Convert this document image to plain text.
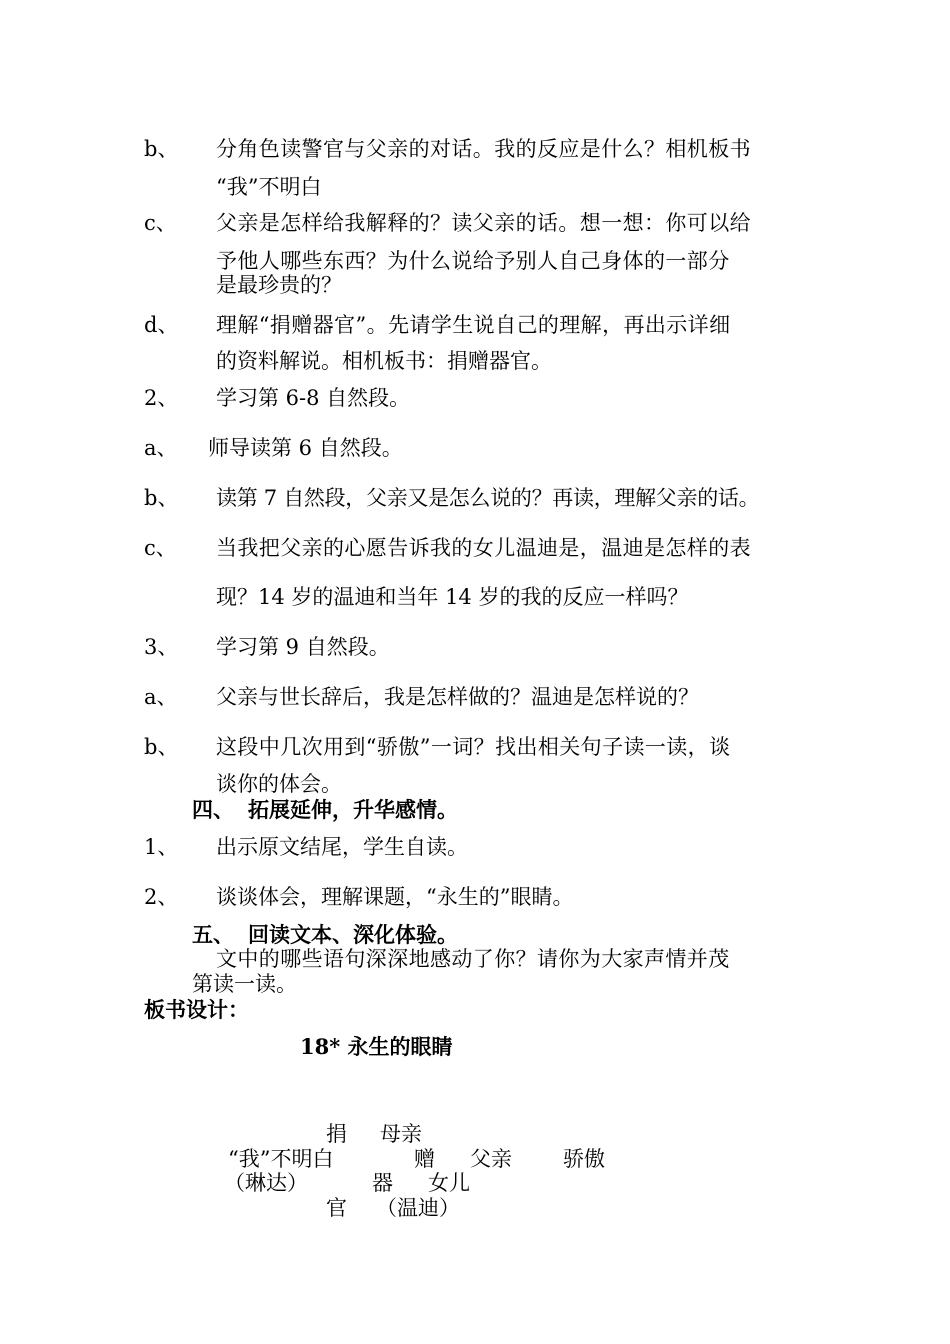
b、 分角色读警官与父亲的对话。我的反应是什么？相机板书
“我”不明白
c、 父亲是怎样给我解释的？读父亲的话。想一想：你可以给
予他人哪些东西？为什么说给予别人自己身体的一部分
是最珍贵的？
d、 理解“捐赠器官”。先请学生说自己的理解，再出示详细
的资料解说。相机板书：捐赠器官。
2、 学习第 6-8 自然段。
a、 师导读第 6 自然段。
b、 读第 7 自然段，父亲又是怎么说的？再读，理解父亲的话。
c、 当我把父亲的心愿告诉我的女儿温迪是，温迪是怎样的表
现？14 岁的温迪和当年 14 岁的我的反应一样吗？
3、 学习第 9 自然段。
a、 父亲与世长辞后，我是怎样做的？温迪是怎样说的？
b、 这段中几次用到“骄傲”一词？找出相关句子读一读，谈
谈你的体会。
四、 拓展延伸，升华感情。
1、 出示原文结尾，学生自读。
2、 谈谈体会，理解课题，“永生的”眼睛。
五、 回读文本、深化体验。
文中的哪些语句深深地感动了你？请你为大家声情并茂
第读一读。
板书设计：
18* 永生的眼睛
捐 母亲
“我”不明白	赠 父亲 骄傲
（琳达）	器 女儿
官 （温迪）
